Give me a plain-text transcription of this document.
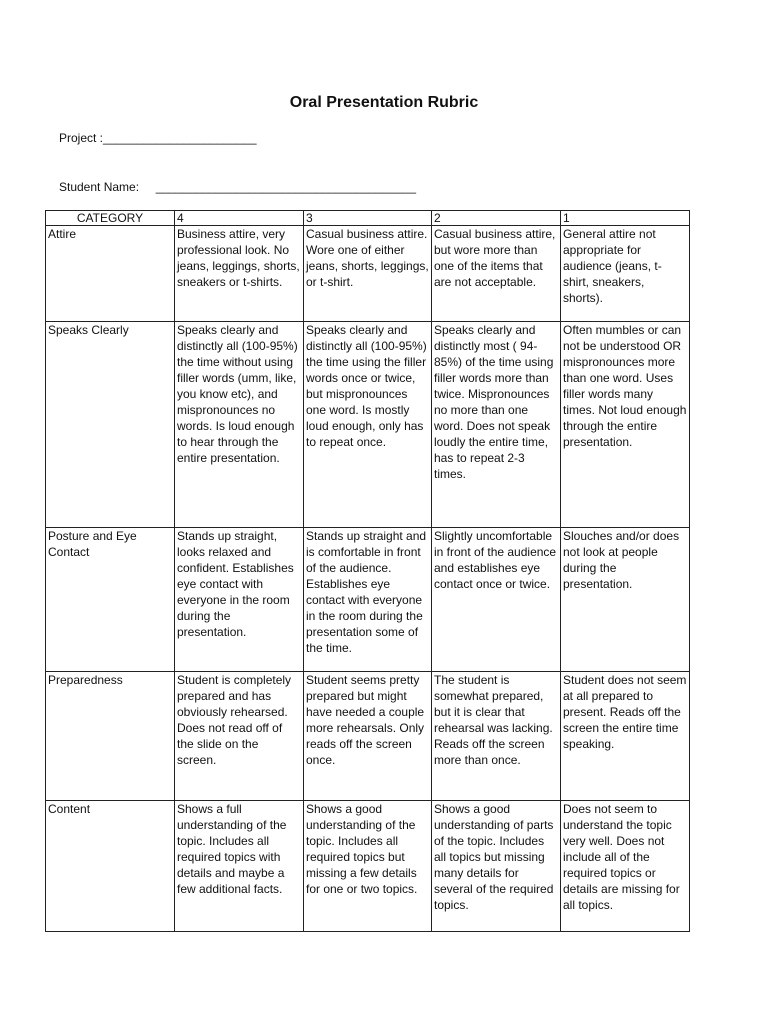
Oral Presentation Rubric
Project :_______________________
Student Name:     _______________________________________
CATEGORY	4	3	2	1
Attire	Business attire, very professional look. No jeans, leggings, shorts, sneakers or t-shirts.	Casual business attire. Wore one of either jeans, shorts, leggings, or t-shirt.	Casual business attire, but wore more than one of the items that are not acceptable.	General attire not appropriate for audience (jeans, t-shirt, sneakers, shorts).
Speaks Clearly	Speaks clearly and distinctly all (100-95%) the time without using filler words (umm, like, you know etc), and mispronounces no words. Is loud enough to hear through the entire presentation.	Speaks clearly and distinctly all (100-95%) the time using the filler words once or twice, but mispronounces one word. Is mostly loud enough, only has to repeat once.	Speaks clearly and distinctly most ( 94-85%) of the time using filler words more than twice. Mispronounces no more than one word. Does not speak loudly the entire time, has to repeat 2-3 times.	Often mumbles or can not be understood OR mispronounces more than one word. Uses filler words many times. Not loud enough through the entire presentation.
Posture and Eye Contact	Stands up straight, looks relaxed and confident. Establishes eye contact with everyone in the room during the presentation.	Stands up straight and is comfortable in front of the audience. Establishes eye contact with everyone in the room during the presentation some of the time.	Slightly uncomfortable in front of the audience and establishes eye contact once or twice.	Slouches and/or does not look at people during the presentation.
Preparedness	Student is completely prepared and has obviously rehearsed. Does not read off of the slide on the screen.	Student seems pretty prepared but might have needed a couple more rehearsals. Only reads off the screen once.	The student is somewhat prepared, but it is clear that rehearsal was lacking. Reads off the screen more than once.	Student does not seem at all prepared to present. Reads off the screen the entire time speaking.
Content	Shows a full understanding of the topic. Includes all required topics with details and maybe a few additional facts.	Shows a good understanding of the topic. Includes all required topics but missing a few details for one or two topics.	Shows a good understanding of parts of the topic. Includes all topics but missing many details for several of the required topics.	Does not seem to understand the topic very well. Does not include all of the required topics or details are missing for all topics.
